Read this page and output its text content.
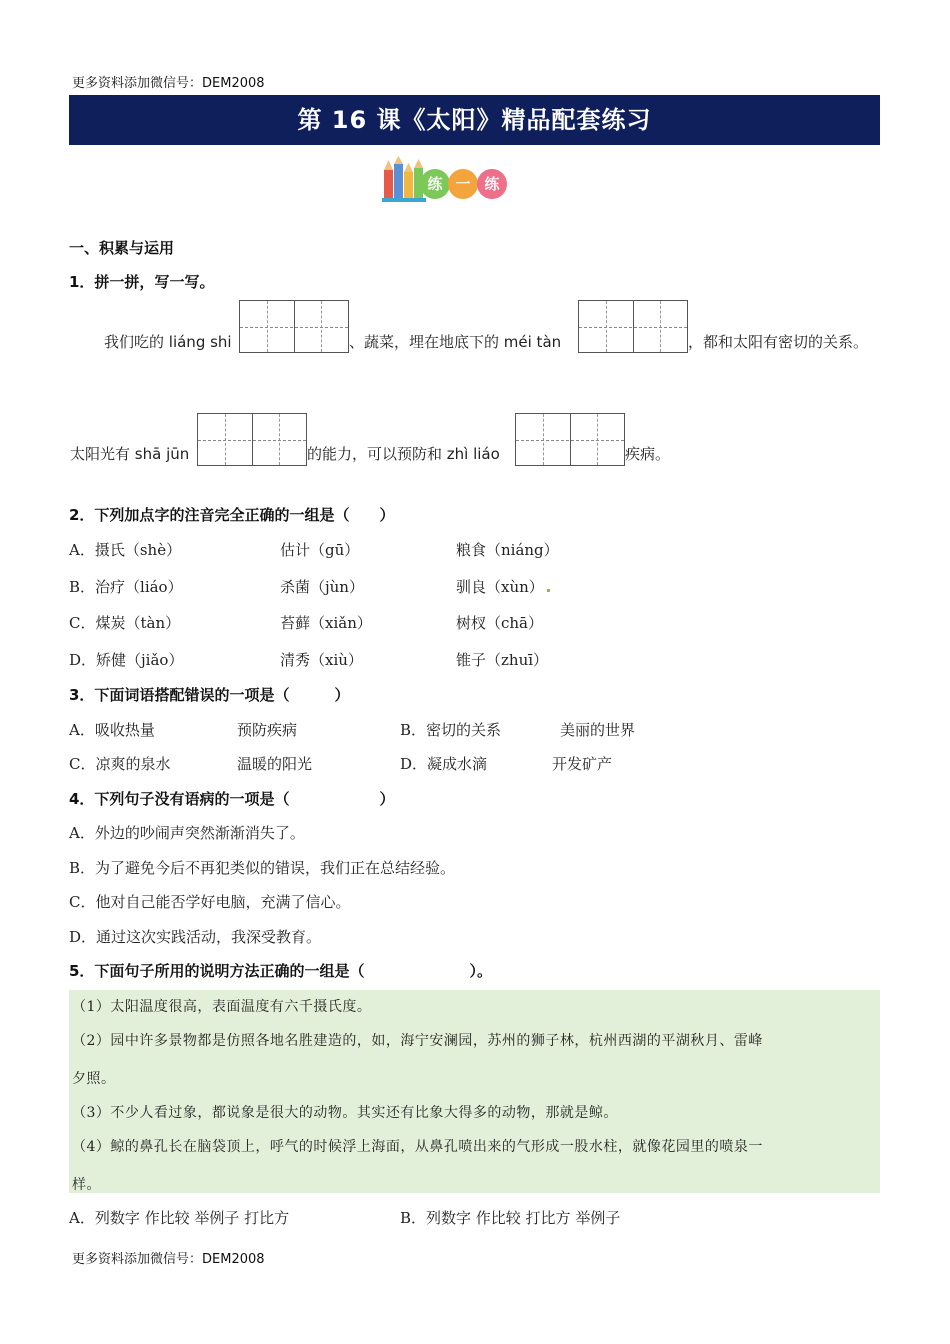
更多资料添加微信号：DEM2008
第 16 课《太阳》精品配套练习
练 一 练
一、积累与运用
1．拼一拼，写一写。
我们吃的 liáng shi	、蔬菜，埋在地底下的 méi tàn	，都和太阳有密切的关系。
太阳光有 shā jūn	的能力，可以预防和 zhì liáo	疾病。
2．下列加点字的注音完全正确的一组是（　　）
A．摄氏（shè）	估计（gū）	粮食（niáng）
B．治疗（liáo）	杀菌（jùn）	驯良（xùn）
C．煤炭（tàn）	苔藓（xiǎn）	树杈（chā）
D．矫健（jiǎo）	清秀（xiù）	锥子（zhuī）
3．下面词语搭配错误的一项是（　　　）
A．吸收热量	预防疾病	B．密切的关系	美丽的世界
C．凉爽的泉水	温暖的阳光	D．凝成水滴	开发矿产
4．下列句子没有语病的一项是（　　　　　　）
A．外边的吵闹声突然渐渐消失了。
B．为了避免今后不再犯类似的错误，我们正在总结经验。
C．他对自己能否学好电脑，充满了信心。
D．通过这次实践活动，我深受教育。
5．下面句子所用的说明方法正确的一组是（　　　　　　　）。
（1）太阳温度很高，表面温度有六千摄氏度。
（2）园中许多景物都是仿照各地名胜建造的，如，海宁安澜园，苏州的狮子林，杭州西湖的平湖秋月、雷峰
夕照。
（3）不少人看过象，都说象是很大的动物。其实还有比象大得多的动物，那就是鲸。
（4）鲸的鼻孔长在脑袋顶上，呼气的时候浮上海面，从鼻孔喷出来的气形成一股水柱，就像花园里的喷泉一
样。
A．列数字 作比较 举例子 打比方	B．列数字 作比较 打比方 举例子
更多资料添加微信号：DEM2008
